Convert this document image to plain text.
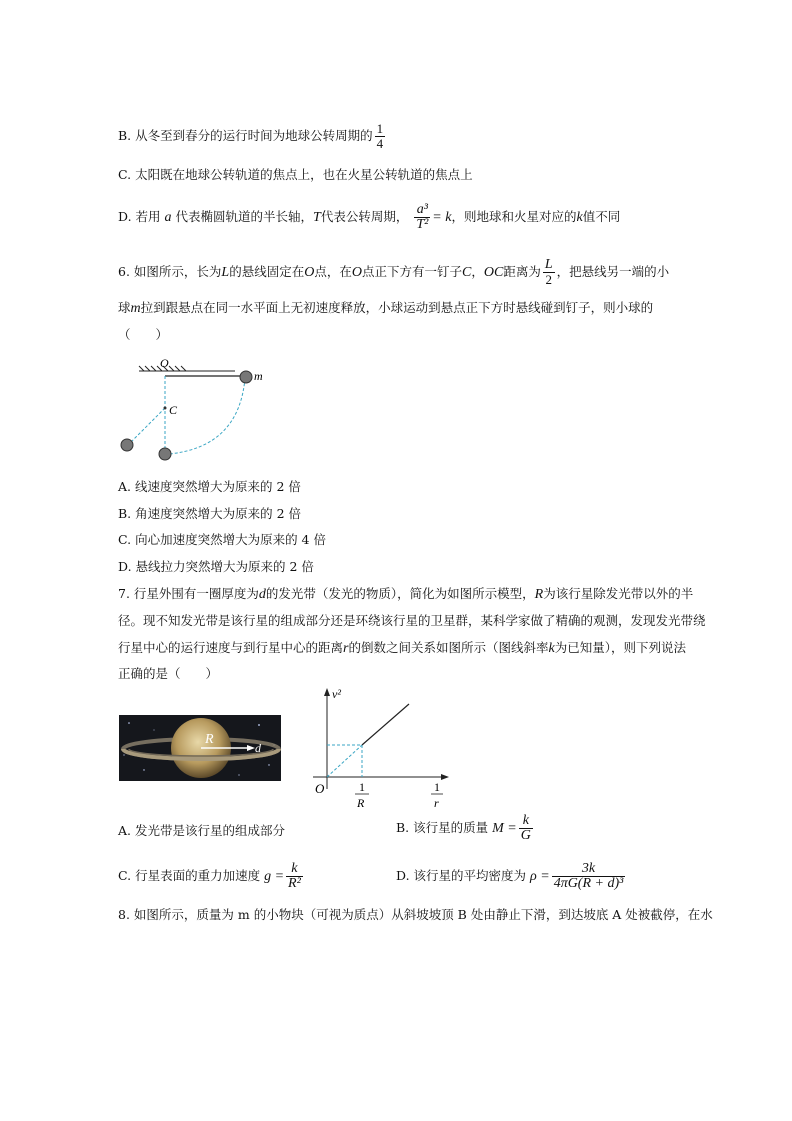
B. 从冬至到春分的运行时间为地球公转周期的 $\frac{1}{4}$
C. 太阳既在地球公转轨道的焦点上，也在火星公转轨道的焦点上
D. 若用 a 代表椭圆轨道的半长轴，T代表公转周期， $\frac{\text{a³}}{\text{T²}} = k$，则地球和火星对应的k值不同
6. 如图所示，长为L的悬线固定在O点，在O点正下方有一钉子C，OC距离为 $\frac{L}{2}$ ，把悬线另一端的小
球m拉到跟悬点在同一水平面上无初速度释放，小球运动到悬点正下方时悬线碰到钉子，则小球的
（　　）
O
C
m
A. 线速度突然增大为原来的 2 倍
B. 角速度突然增大为原来的 2 倍
C. 向心加速度突然增大为原来的 4 倍
D. 悬线拉力突然增大为原来的 2 倍
7. 行星外围有一圈厚度为d的发光带（发光的物质），简化为如图所示模型，R为该行星除发光带以外的半
径。现不知发光带是该行星的组成部分还是环绕该行星的卫星群，某科学家做了精确的观测，发现发光带绕
行星中心的运行速度与到行星中心的距离r的倒数之间关系如图所示（图线斜率k为已知量），则下列说法
正确的是（　　）
R
d
v²
O	1
R
1
r
A. 发光带是该行星的组成部分	B. 该行星的质量 $M = \frac{k}{G}$
C. 行星表面的重力加速度 $g = \frac{k}{\text{R²}}$	D. 该行星的平均密度为 $\rho = \frac{3k}{\text{4πG(R + d)³}}$
8. 如图所示，质量为 m 的小物块（可视为质点）从斜坡坡顶 B 处由静止下滑，到达坡底 A 处被截停，在水
